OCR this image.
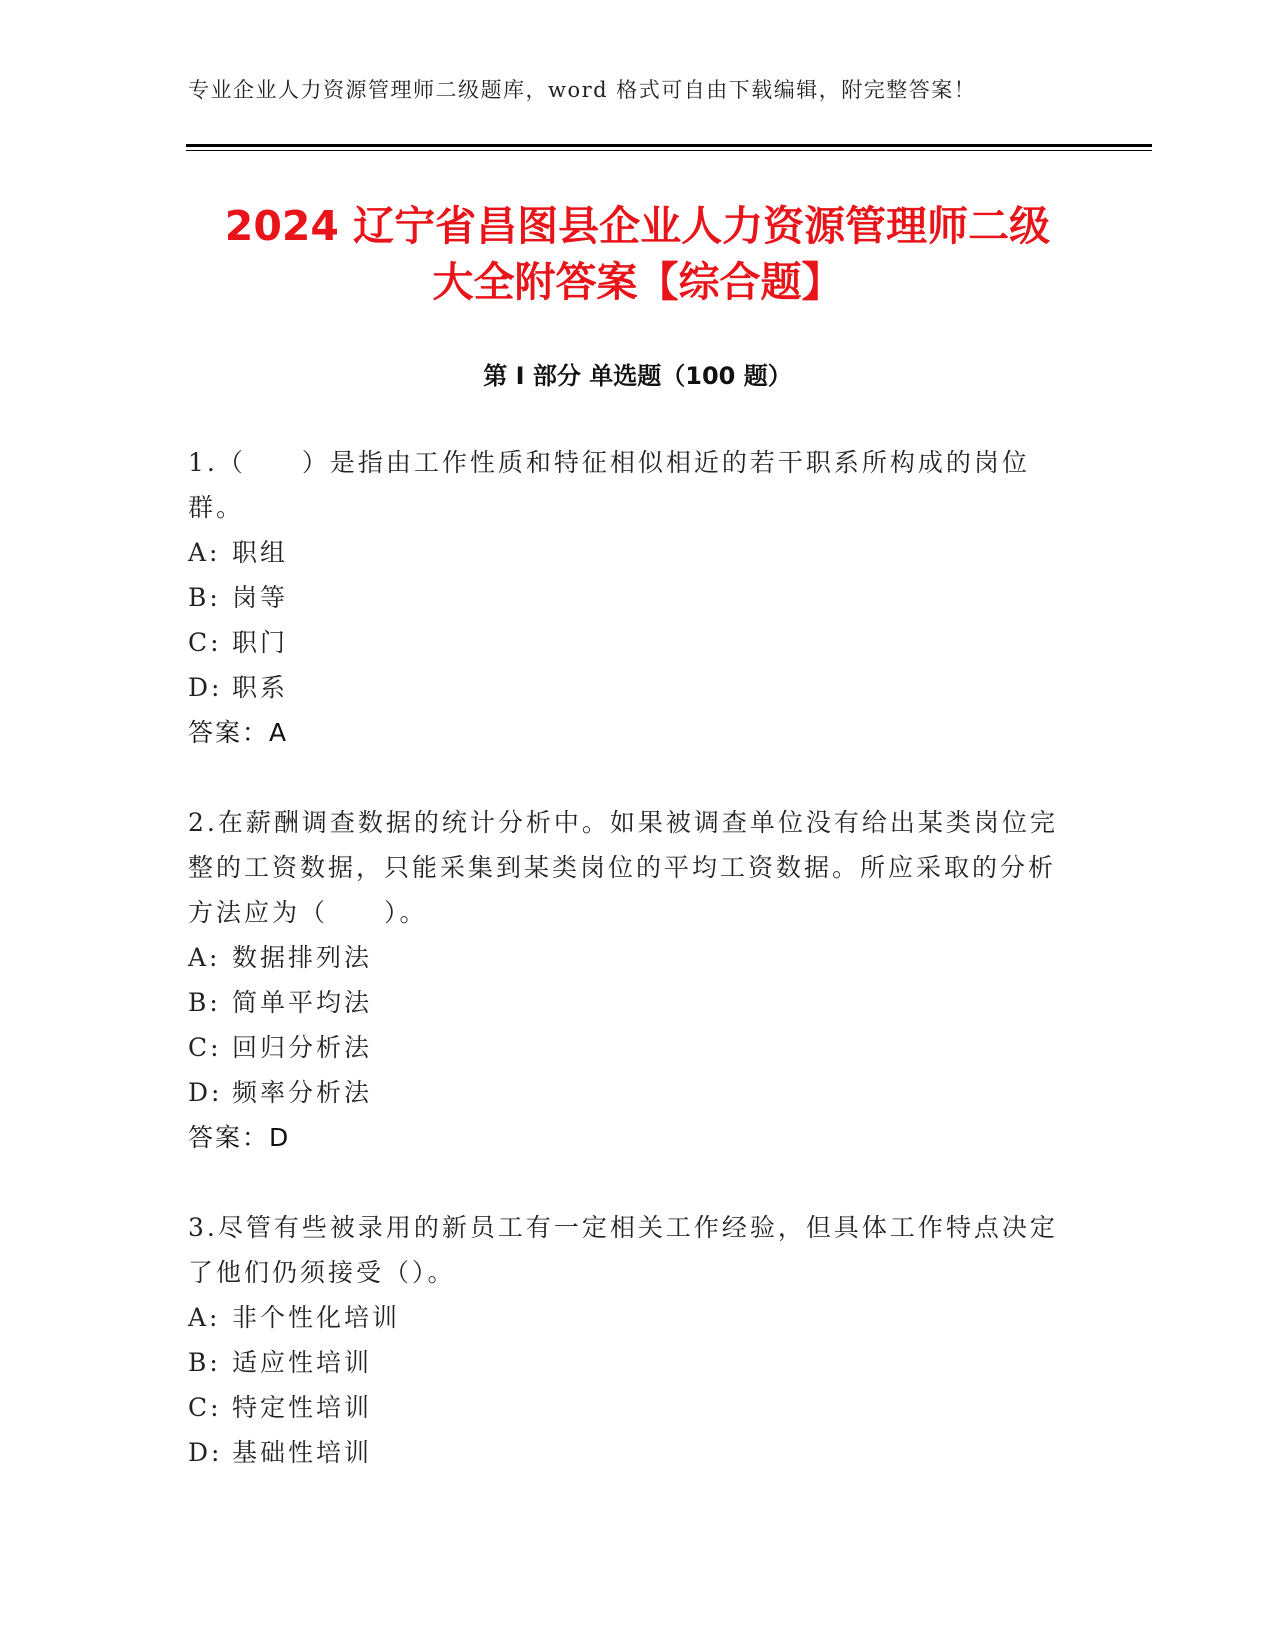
专业企业人力资源管理师二级题库，word 格式可自由下载编辑，附完整答案！
2024 辽宁省昌图县企业人力资源管理师二级
大全附答案【综合题】
第 I 部分 单选题（100 题）

1.（　　）是指由工作性质和特征相似相近的若干职系所构成的岗位群。

A: 职组
B: 岗等
C: 职门
D: 职系
答案：A

2.在薪酬调查数据的统计分析中。如果被调查单位没有给出某类岗位完整的工资数据，只能采集到某类岗位的平均工资数据。所应采取的分析方法应为（　　）。

A: 数据排列法
B: 简单平均法
C: 回归分析法
D: 频率分析法
答案：D

3.尽管有些被录用的新员工有一定相关工作经验，但具体工作特点决定了他们仍须接受（）。

A: 非个性化培训
B: 适应性培训
C: 特定性培训
D: 基础性培训
